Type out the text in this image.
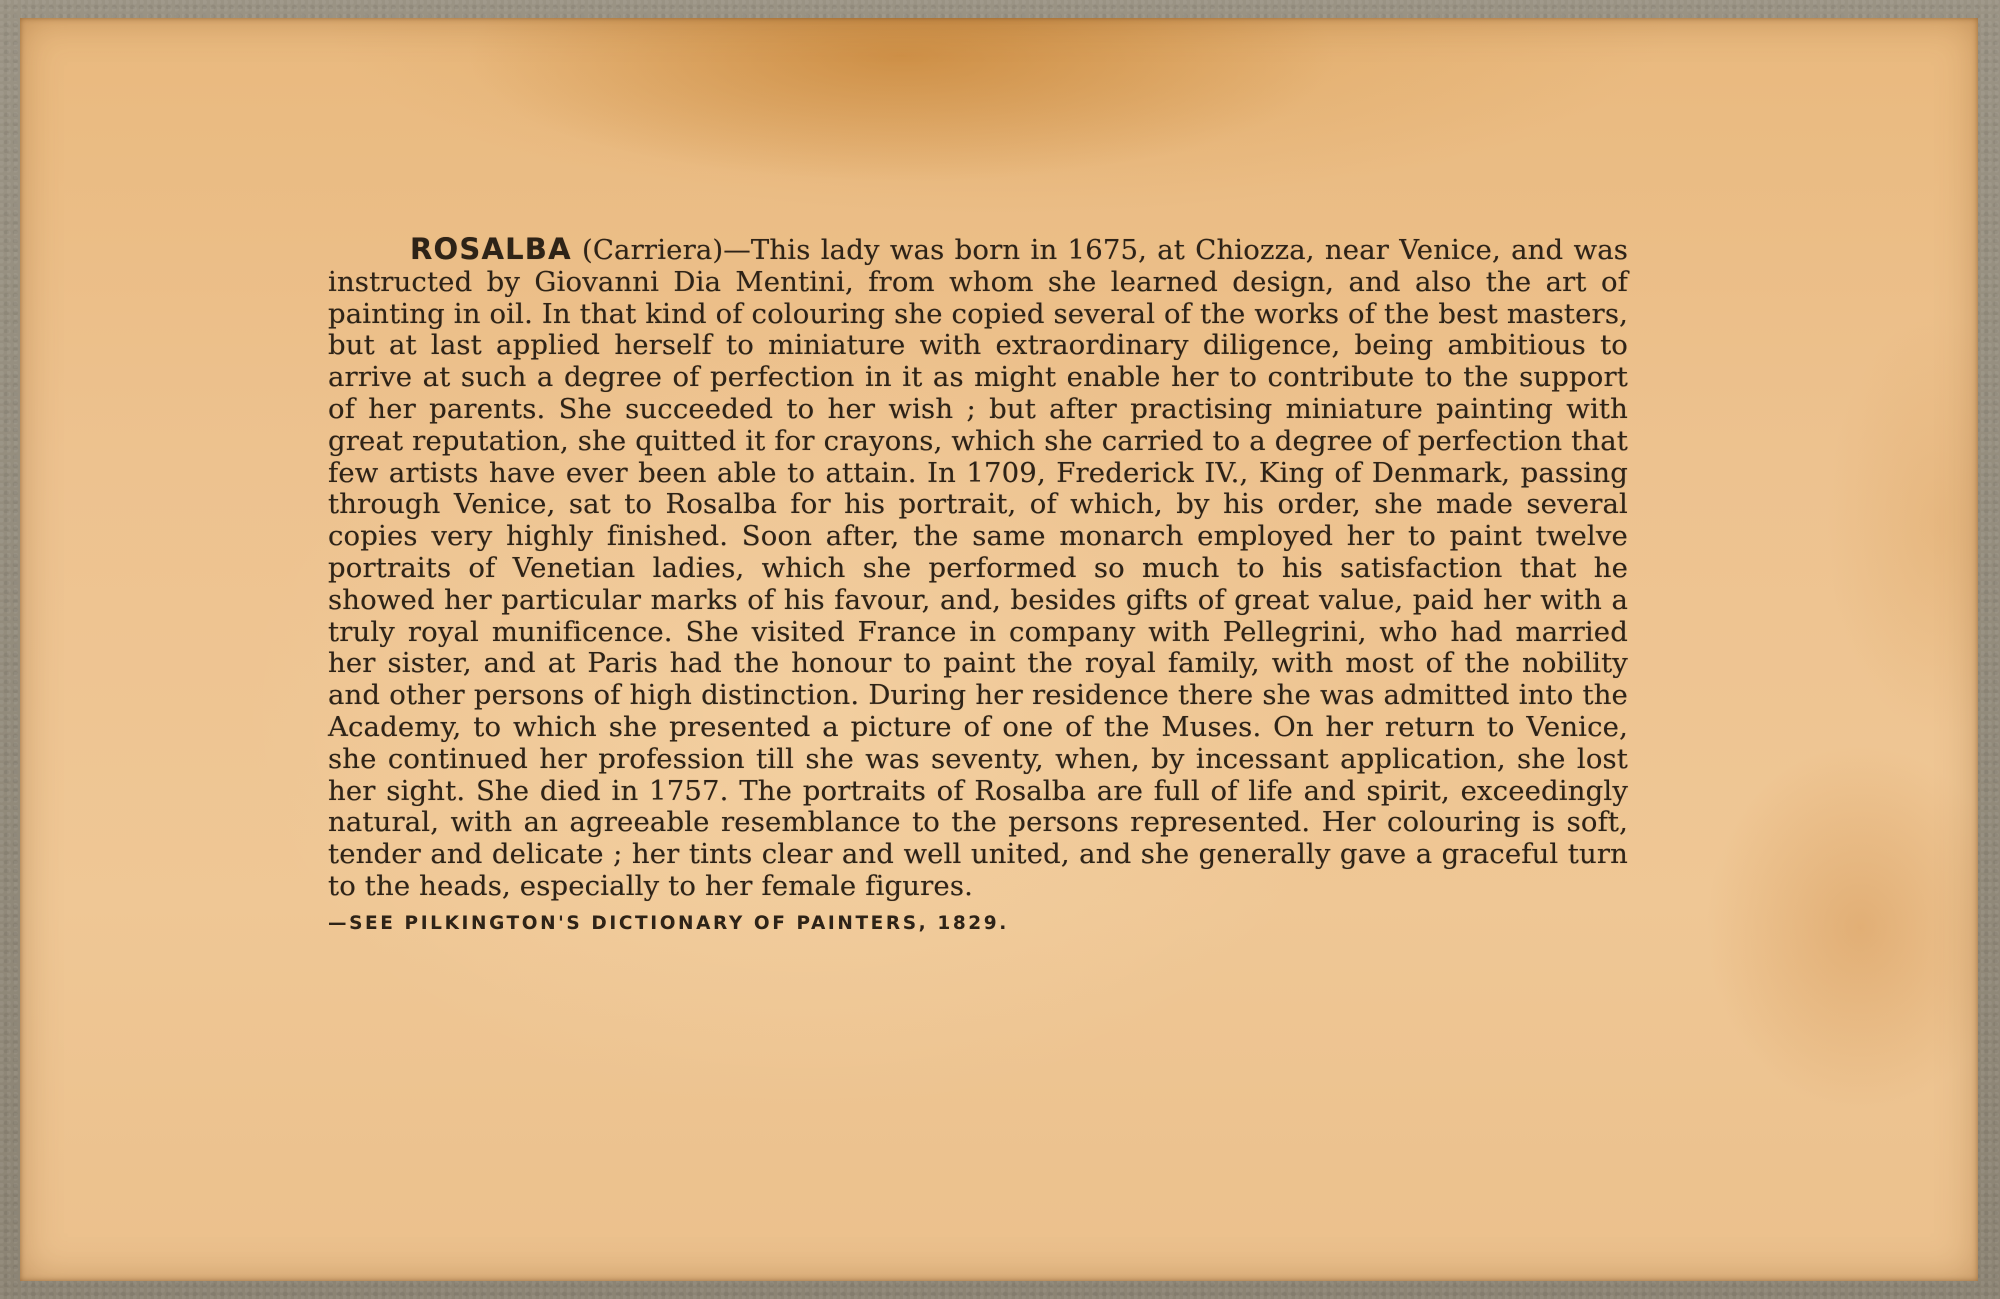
ROSALBA (Carriera)—This lady was born in 1675, at Chiozza, near Venice, and was instructed by Giovanni Dia Mentini, from whom she learned design, and also the art of painting in oil. In that kind of colouring she copied several of the works of the best masters, but at last applied herself to miniature with extraordinary diligence, being ambitious to arrive at such a degree of perfection in it as might enable her to contribute to the support of her parents. She succeeded to her wish ; but after practising miniature painting with great reputation, she quitted it for crayons, which she carried to a degree of perfection that few artists have ever been able to attain. In 1709, Frederick IV., King of Denmark, passing through Venice, sat to Rosalba for his portrait, of which, by his order, she made several copies very highly finished. Soon after, the same monarch employed her to paint twelve portraits of Venetian ladies, which she performed so much to his satisfaction that he showed her particular marks of his favour, and, besides gifts of great value, paid her with a truly royal munificence. She visited France in company with Pellegrini, who had married her sister, and at Paris had the honour to paint the royal family, with most of the nobility and other persons of high distinction. During her residence there she was admitted into the Academy, to which she presented a picture of one of the Muses. On her return to Venice, she continued her profession till she was seventy, when, by incessant application, she lost her sight. She died in 1757. The portraits of Rosalba are full of life and spirit, exceedingly natural, with an agreeable resemblance to the persons represented. Her colouring is soft, tender and delicate ; her tints clear and well united, and she generally gave a graceful turn to the heads, especially to her female figures.

—SEE PILKINGTON'S DICTIONARY OF PAINTERS, 1829.
